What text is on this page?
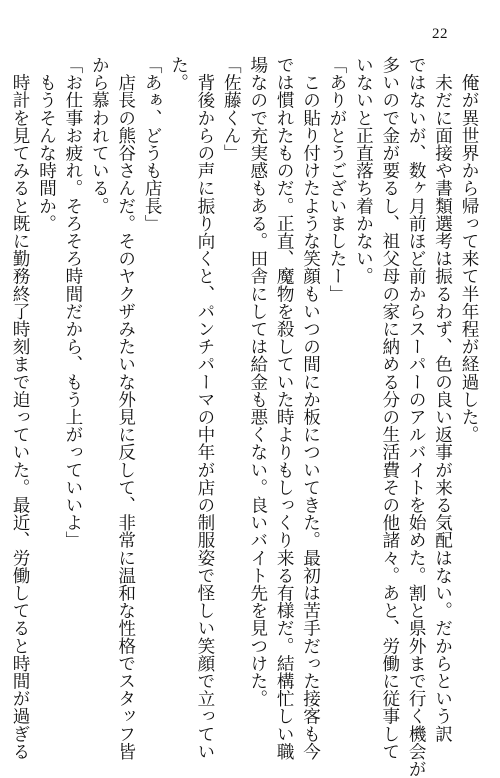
22
　俺が異世界から帰って来て半年程が経過した。
　未だに面接や書類選考は振るわず、色の良い返事が来る気配はない。だからという訳
ではないが、数ヶ月前ほど前からスーパーのアルバイトを始めた。割と県外まで行く機会が
多いので金が要るし、祖父母の家に納める分の生活費その他諸々。あと、労働に従事して
いないと正直落ち着かない。
「ありがとうございましたー」
　この貼り付けたような笑顔もいつの間にか板についてきた。最初は苦手だった接客も今
では慣れたものだ。正直、魔物を殺していた時よりもしっくり来る有様だ。結構忙しい職
場なので充実感もある。田舎にしては給金も悪くない。良いバイト先を見つけた。
「佐藤くん」
　背後からの声に振り向くと、パンチパーマの中年が店の制服姿で怪しい笑顔で立ってい
た。
「あぁ、どうも店長」
　店長の熊谷さんだ。そのヤクザみたいな外見に反して、非常に温和な性格でスタッフ皆
から慕われている。
「お仕事お疲れ。そろそろ時間だから、もう上がっていいよ」
　もうそんな時間か。
　時計を見てみると既に勤務終了時刻まで迫っていた。最近、労働してると時間が過ぎる
